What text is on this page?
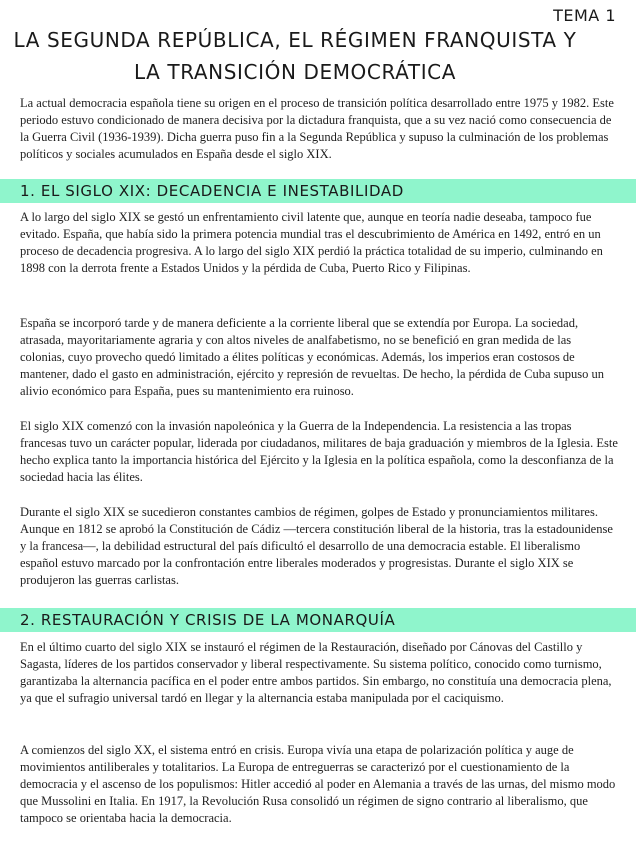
TEMA 1
LA SEGUNDA REPÚBLICA, EL RÉGIMEN FRANQUISTA Y LA TRANSICIÓN DEMOCRÁTICA

La actual democracia española tiene su origen en el proceso de transición política desarrollado entre 1975 y 1982. Este periodo estuvo condicionado de manera decisiva por la dictadura franquista, que a su vez nació como consecuencia de la Guerra Civil (1936-1939). Dicha guerra puso fin a la Segunda República y supuso la culminación de los problemas políticos y sociales acumulados en España desde el siglo XIX.

1. EL SIGLO XIX: DECADENCIA E INESTABILIDAD

A lo largo del siglo XIX se gestó un enfrentamiento civil latente que, aunque en teoría nadie deseaba, tampoco fue evitado. España, que había sido la primera potencia mundial tras el descubrimiento de América en 1492, entró en un proceso de decadencia progresiva. A lo largo del siglo XIX perdió la práctica totalidad de su imperio, culminando en 1898 con la derrota frente a Estados Unidos y la pérdida de Cuba, Puerto Rico y Filipinas.

España se incorporó tarde y de manera deficiente a la corriente liberal que se extendía por Europa. La sociedad, atrasada, mayoritariamente agraria y con altos niveles de analfabetismo, no se benefició en gran medida de las colonias, cuyo provecho quedó limitado a élites políticas y económicas. Además, los imperios eran costosos de mantener, dado el gasto en administración, ejército y represión de revueltas. De hecho, la pérdida de Cuba supuso un alivio económico para España, pues su mantenimiento era ruinoso.

El siglo XIX comenzó con la invasión napoleónica y la Guerra de la Independencia. La resistencia a las tropas francesas tuvo un carácter popular, liderada por ciudadanos, militares de baja graduación y miembros de la Iglesia. Este hecho explica tanto la importancia histórica del Ejército y la Iglesia en la política española, como la desconfianza de la sociedad hacia las élites.

Durante el siglo XIX se sucedieron constantes cambios de régimen, golpes de Estado y pronunciamientos militares. Aunque en 1812 se aprobó la Constitución de Cádiz —tercera constitución liberal de la historia, tras la estadounidense y la francesa—, la debilidad estructural del país dificultó el desarrollo de una democracia estable. El liberalismo español estuvo marcado por la confrontación entre liberales moderados y progresistas. Durante el siglo XIX se produjeron las guerras carlistas.

2. RESTAURACIÓN Y CRISIS DE LA MONARQUÍA

En el último cuarto del siglo XIX se instauró el régimen de la Restauración, diseñado por Cánovas del Castillo y Sagasta, líderes de los partidos conservador y liberal respectivamente. Su sistema político, conocido como turnismo, garantizaba la alternancia pacífica en el poder entre ambos partidos. Sin embargo, no constituía una democracia plena, ya que el sufragio universal tardó en llegar y la alternancia estaba manipulada por el caciquismo.

A comienzos del siglo XX, el sistema entró en crisis. Europa vivía una etapa de polarización política y auge de movimientos antiliberales y totalitarios. La Europa de entreguerras se caracterizó por el cuestionamiento de la democracia y el ascenso de los populismos: Hitler accedió al poder en Alemania a través de las urnas, del mismo modo que Mussolini en Italia. En 1917, la Revolución Rusa consolidó un régimen de signo contrario al liberalismo, que tampoco se orientaba hacia la democracia.
